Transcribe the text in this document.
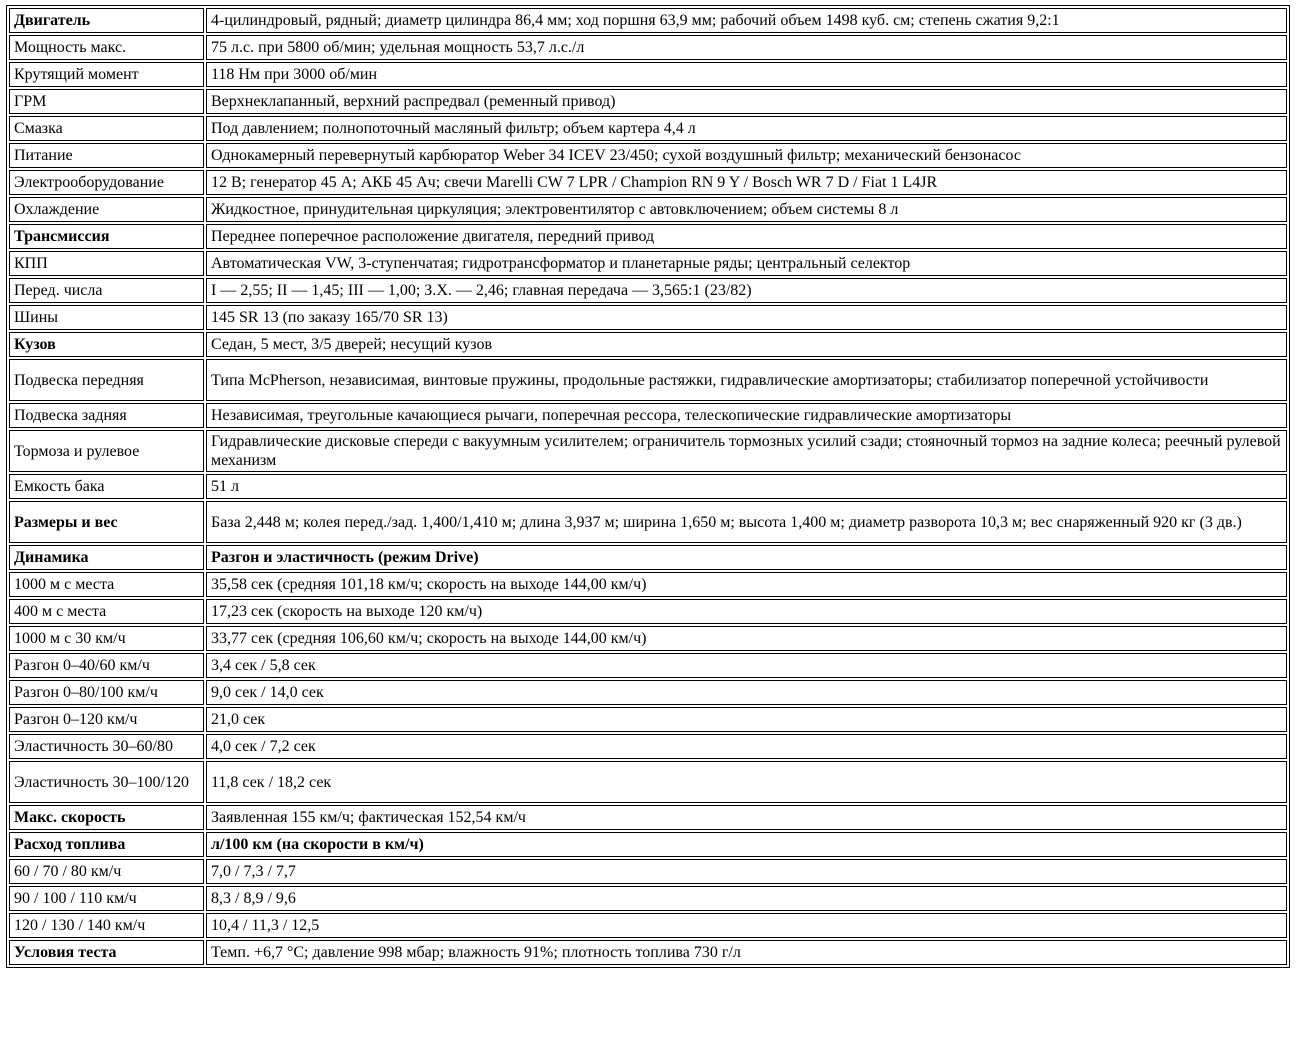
Двигатель	4-цилиндровый, рядный; диаметр цилиндра 86,4 мм; ход поршня 63,9 мм; рабочий объем 1498 куб. см; степень сжатия 9,2:1
Мощность макс.	75 л.с. при 5800 об/мин; удельная мощность 53,7 л.с./л
Крутящий момент	118 Нм при 3000 об/мин
ГРМ	Верхнеклапанный, верхний распредвал (ременный привод)
Смазка	Под давлением; полнопоточный масляный фильтр; объем картера 4,4 л
Питание	Однокамерный перевернутый карбюратор Weber 34 ICEV 23/450; сухой воздушный фильтр; механический бензонасос
Электрооборудование	12 В; генератор 45 А; АКБ 45 Ач; свечи Marelli CW 7 LPR / Champion RN 9 Y / Bosch WR 7 D / Fiat 1 L4JR
Охлаждение	Жидкостное, принудительная циркуляция; электровентилятор с автовключением; объем системы 8 л
Трансмиссия	Переднее поперечное расположение двигателя, передний привод
КПП	Автоматическая VW, 3-ступенчатая; гидротрансформатор и планетарные ряды; центральный селектор
Перед. числа	I — 2,55; II — 1,45; III — 1,00; З.Х. — 2,46; главная передача — 3,565:1 (23/82)
Шины	145 SR 13 (по заказу 165/70 SR 13)
Кузов	Седан, 5 мест, 3/5 дверей; несущий кузов
Подвеска передняя	Типа McPherson, независимая, винтовые пружины, продольные растяжки, гидравлические амортизаторы; стабилизатор поперечной устойчивости
Подвеска задняя	Независимая, треугольные качающиеся рычаги, поперечная рессора, телескопические гидравлические амортизаторы
Тормоза и рулевое	Гидравлические дисковые спереди с вакуумным усилителем; ограничитель тормозных усилий сзади; стояночный тормоз на задние колеса; реечный рулевой механизм
Емкость бака	51 л
Размеры и вес	База 2,448 м; колея перед./зад. 1,400/1,410 м; длина 3,937 м; ширина 1,650 м; высота 1,400 м; диаметр разворота 10,3 м; вес снаряженный 920 кг (3 дв.)
Динамика	Разгон и эластичность (режим Drive)
1000 м с места	35,58 сек (средняя 101,18 км/ч; скорость на выходе 144,00 км/ч)
400 м с места	17,23 сек (скорость на выходе 120 км/ч)
1000 м с 30 км/ч	33,77 сек (средняя 106,60 км/ч; скорость на выходе 144,00 км/ч)
Разгон 0–40/60 км/ч	3,4 сек / 5,8 сек
Разгон 0–80/100 км/ч	9,0 сек / 14,0 сек
Разгон 0–120 км/ч	21,0 сек
Эластичность 30–60/80	4,0 сек / 7,2 сек
Эластичность 30–100/120	11,8 сек / 18,2 сек
Макс. скорость	Заявленная 155 км/ч; фактическая 152,54 км/ч
Расход топлива	л/100 км (на скорости в км/ч)
60 / 70 / 80 км/ч	7,0 / 7,3 / 7,7
90 / 100 / 110 км/ч	8,3 / 8,9 / 9,6
120 / 130 / 140 км/ч	10,4 / 11,3 / 12,5
Условия теста	Темп. +6,7 °С; давление 998 мбар; влажность 91%; плотность топлива 730 г/л
